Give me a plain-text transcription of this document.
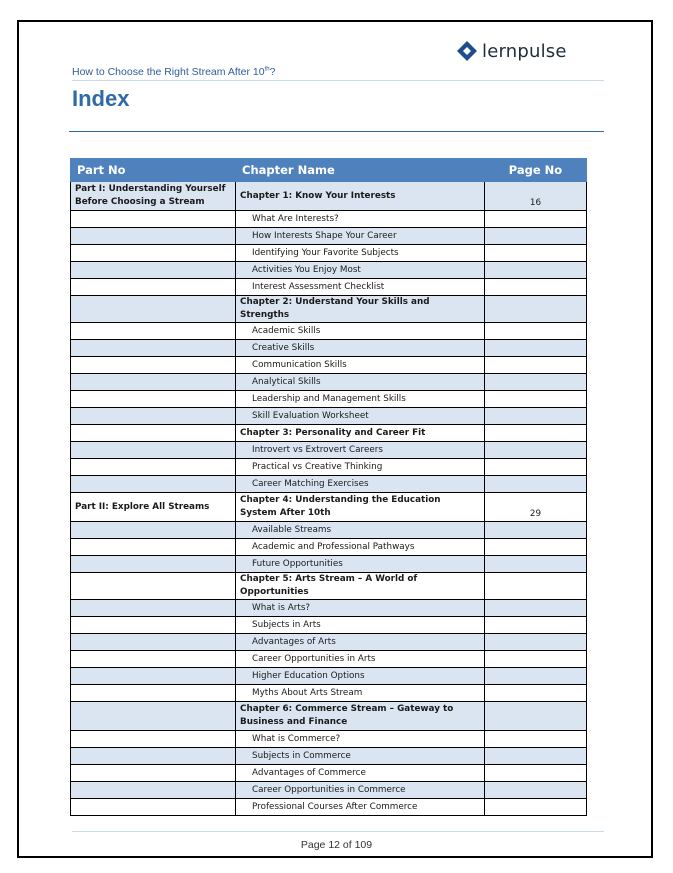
lernpulse
How to Choose the Right Stream After 10th?
Index
Part No	Chapter Name	Page No
Part I: Understanding Yourself Before Choosing a Stream	Chapter 1: Know Your Interests	16
	What Are Interests?	
	How Interests Shape Your Career	
	Identifying Your Favorite Subjects	
	Activities You Enjoy Most	
	Interest Assessment Checklist	
	Chapter 2: Understand Your Skills and Strengths	
	Academic Skills	
	Creative Skills	
	Communication Skills	
	Analytical Skills	
	Leadership and Management Skills	
	Skill Evaluation Worksheet	
	Chapter 3: Personality and Career Fit	
	Introvert vs Extrovert Careers	
	Practical vs Creative Thinking	
	Career Matching Exercises	
Part II: Explore All Streams	Chapter 4: Understanding the Education System After 10th	29
	Available Streams	
	Academic and Professional Pathways	
	Future Opportunities	
	Chapter 5: Arts Stream – A World of Opportunities	
	What is Arts?	
	Subjects in Arts	
	Advantages of Arts	
	Career Opportunities in Arts	
	Higher Education Options	
	Myths About Arts Stream	
	Chapter 6: Commerce Stream – Gateway to Business and Finance	
	What is Commerce?	
	Subjects in Commerce	
	Advantages of Commerce	
	Career Opportunities in Commerce	
	Professional Courses After Commerce	
Page 12 of 109
